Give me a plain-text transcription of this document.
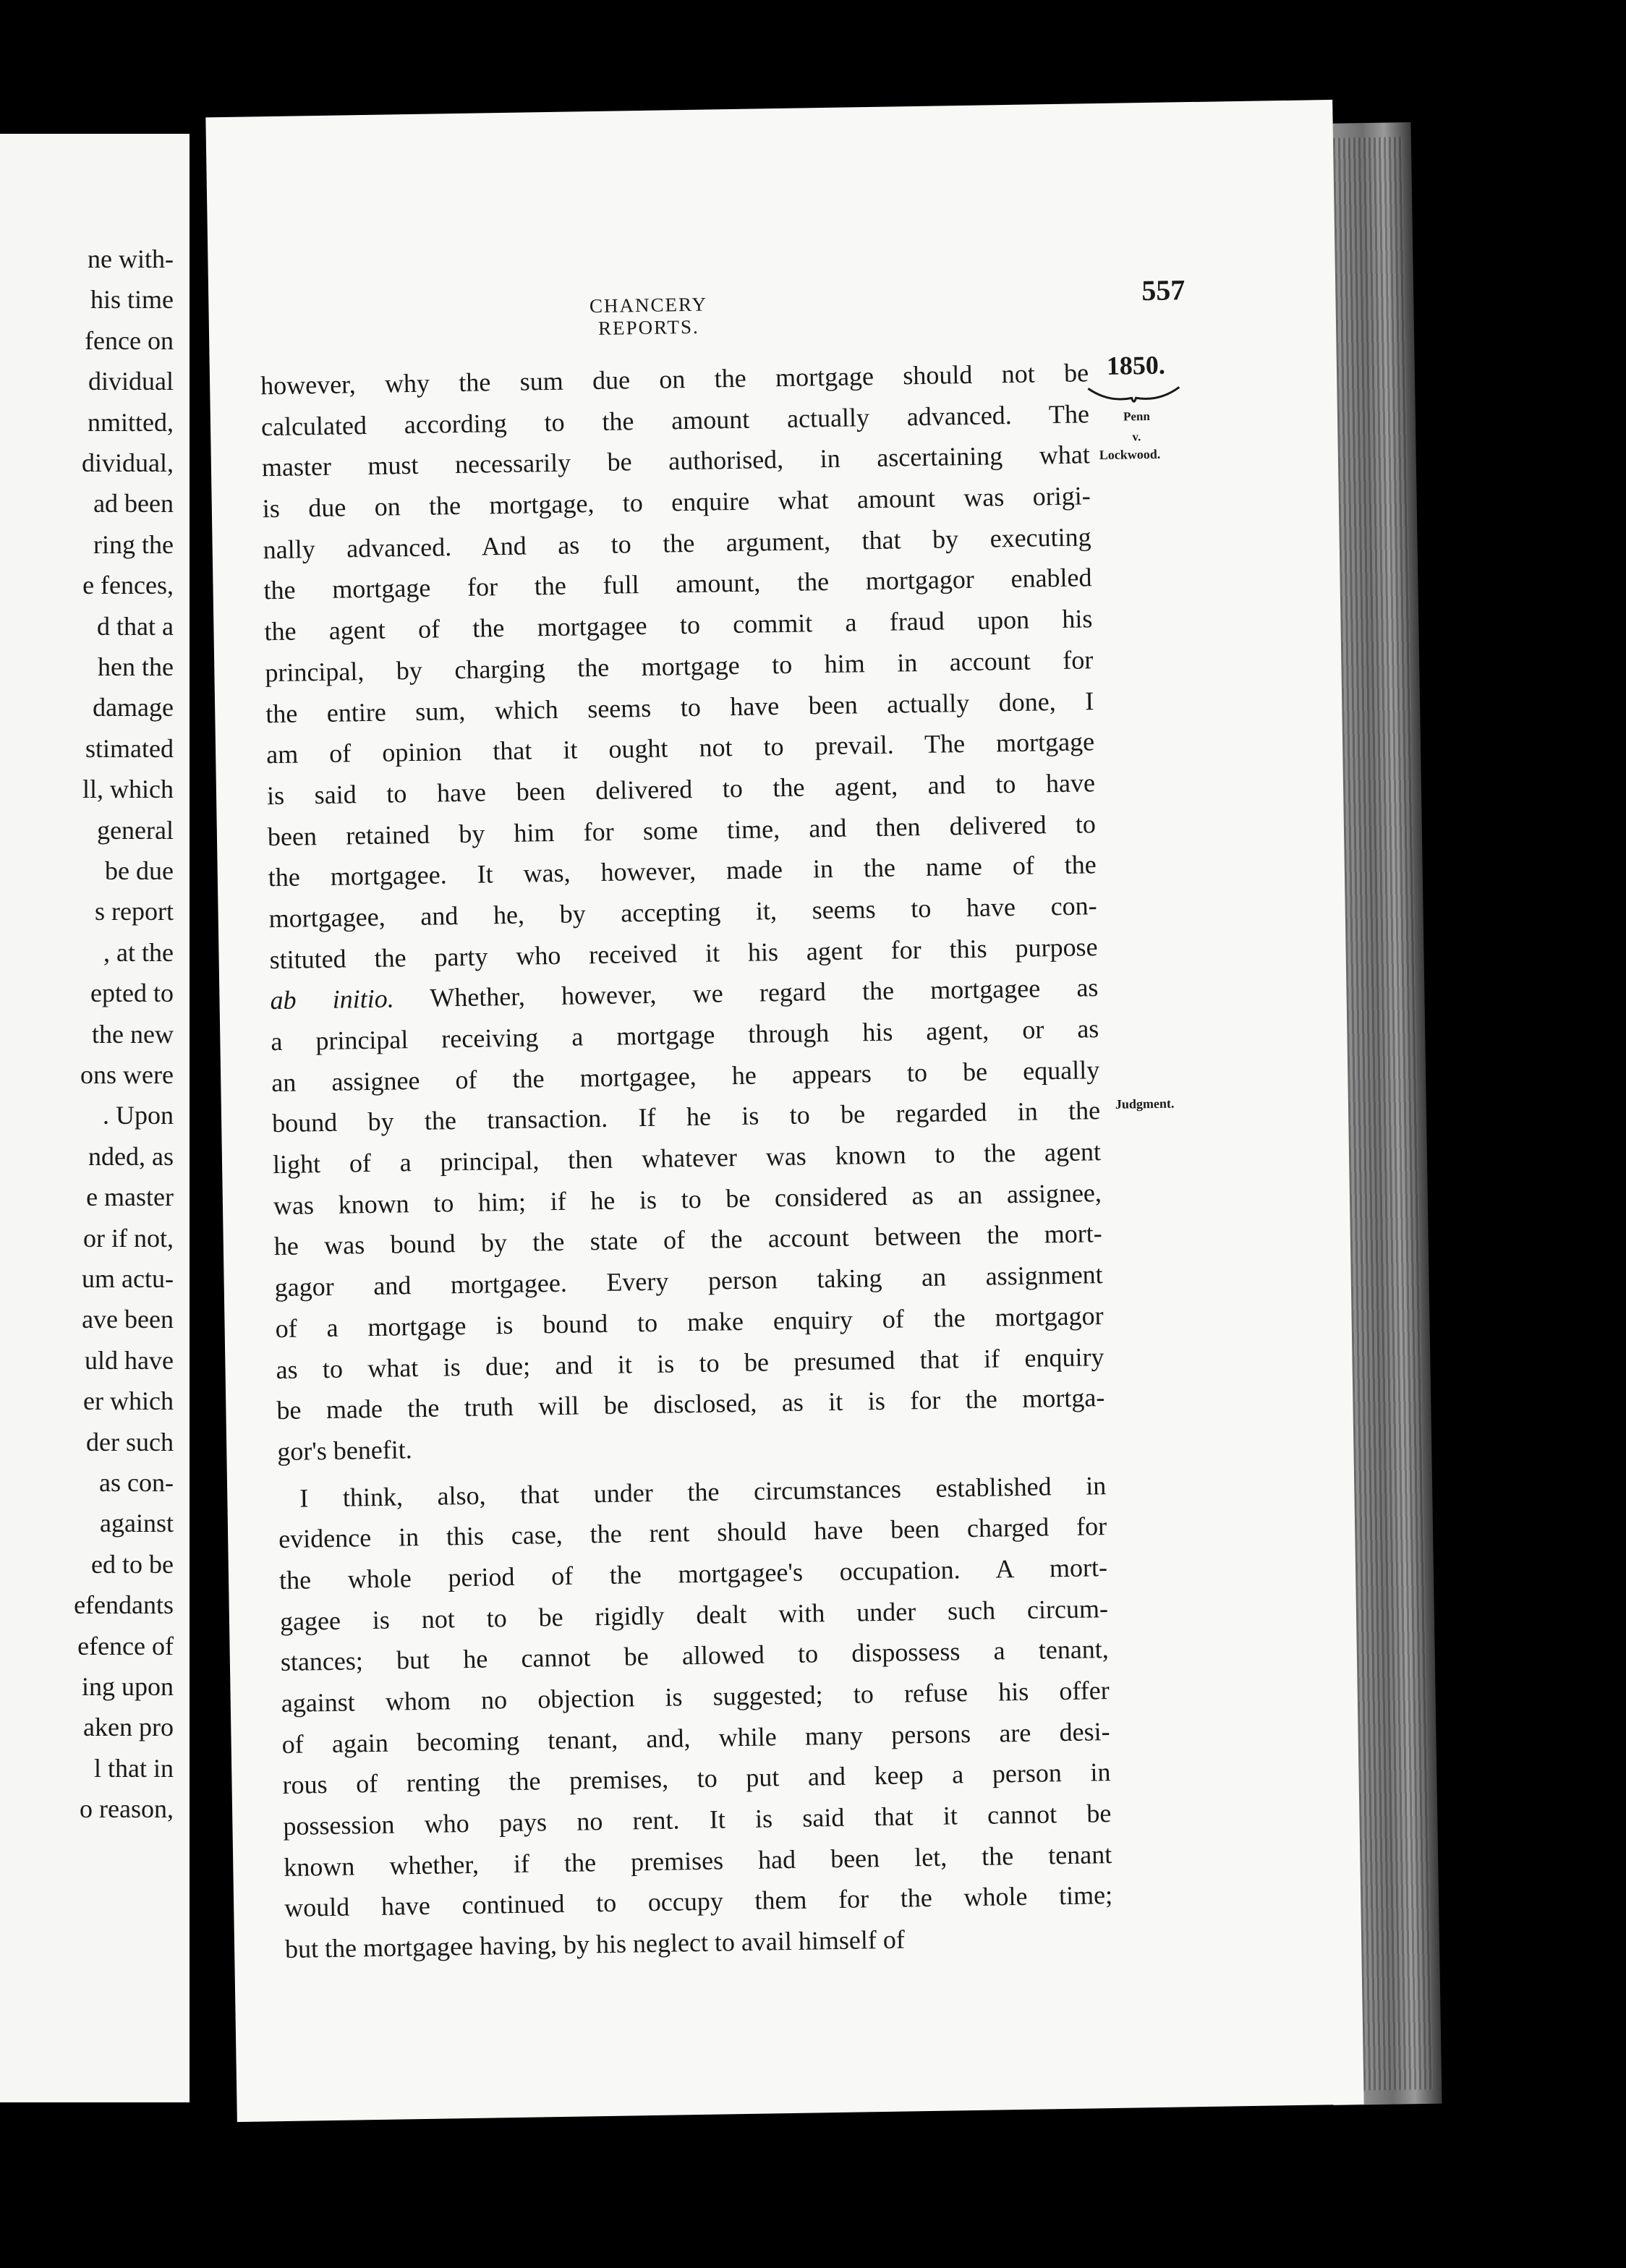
ne with-
his time
fence on
dividual
nmitted,
dividual,
ad been
ring the
e fences,
d that a
hen the
damage
stimated
ll, which
general
be due
s report
, at the
epted to
the new
ons were
. Upon
nded, as
e master
or if not,
um actu-
ave been
uld have
er which
der such
as con-
against
ed to be
efendants
efence of
ing upon
aken pro
l that in
o reason,
CHANCERY REPORTS.
557
1850.
Penn
v.
Lockwood.
Judgment.
however, why the sum due on the mortgage should not be
calculated according to the amount actually advanced. The
master must necessarily be authorised, in ascertaining what
is due on the mortgage, to enquire what amount was origi-
nally advanced. And as to the argument, that by executing
the mortgage for the full amount, the mortgagor enabled
the agent of the mortgagee to commit a fraud upon his
principal, by charging the mortgage to him in account for
the entire sum, which seems to have been actually done, I
am of opinion that it ought not to prevail. The mortgage
is said to have been delivered to the agent, and to have
been retained by him for some time, and then delivered to
the mortgagee. It was, however, made in the name of the
mortgagee, and he, by accepting it, seems to have con-
stituted the party who received it his agent for this purpose
ab initio. Whether, however, we regard the mortgagee as
a principal receiving a mortgage through his agent, or as
an assignee of the mortgagee, he appears to be equally
bound by the transaction. If he is to be regarded in the
light of a principal, then whatever was known to the agent
was known to him; if he is to be considered as an assignee,
he was bound by the state of the account between the mort-
gagor and mortgagee. Every person taking an assignment
of a mortgage is bound to make enquiry of the mortgagor
as to what is due; and it is to be presumed that if enquiry
be made the truth will be disclosed, as it is for the mortga-
gor's benefit.
I think, also, that under the circumstances established in
evidence in this case, the rent should have been charged for
the whole period of the mortgagee's occupation. A mort-
gagee is not to be rigidly dealt with under such circum-
stances; but he cannot be allowed to dispossess a tenant,
against whom no objection is suggested; to refuse his offer
of again becoming tenant, and, while many persons are desi-
rous of renting the premises, to put and keep a person in
possession who pays no rent. It is said that it cannot be
known whether, if the premises had been let, the tenant
would have continued to occupy them for the whole time;
but the mortgagee having, by his neglect to avail himself of
